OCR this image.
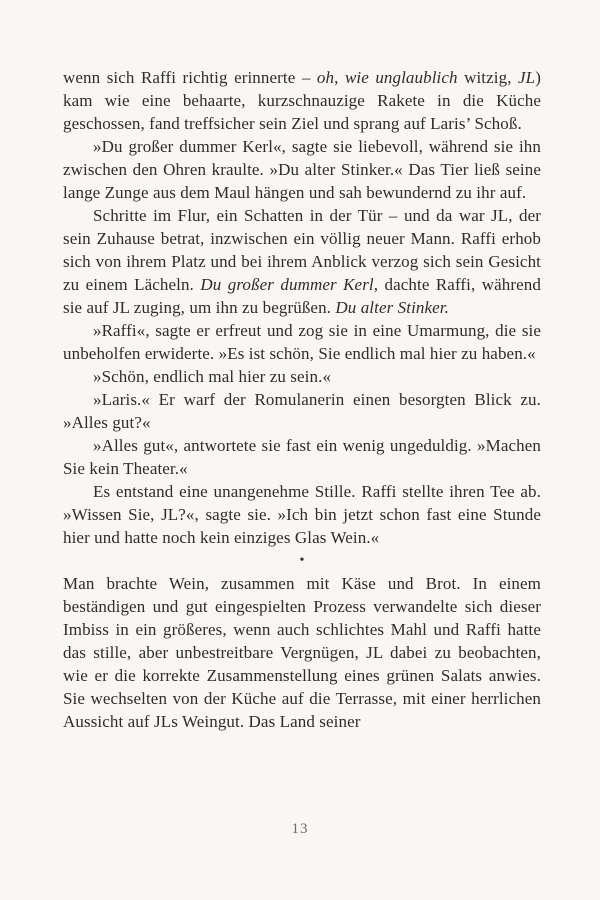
wenn sich Raffi richtig erinnerte – oh, wie unglaublich witzig, JL) kam wie eine behaarte, kurzschnauzige Rakete in die Küche geschossen, fand treffsicher sein Ziel und sprang auf Laris’ Schoß.

»Du großer dummer Kerl«, sagte sie liebevoll, während sie ihn zwischen den Ohren kraulte. »Du alter Stinker.« Das Tier ließ seine lange Zunge aus dem Maul hängen und sah bewundernd zu ihr auf.

Schritte im Flur, ein Schatten in der Tür – und da war JL, der sein Zuhause betrat, inzwischen ein völlig neuer Mann. Raffi erhob sich von ihrem Platz und bei ihrem Anblick verzog sich sein Gesicht zu einem Lächeln. Du großer dummer Kerl, dachte Raffi, während sie auf JL zuging, um ihn zu begrüßen. Du alter Stinker.

»Raffi«, sagte er erfreut und zog sie in eine Umarmung, die sie unbeholfen erwiderte. »Es ist schön, Sie endlich mal hier zu haben.«

»Schön, endlich mal hier zu sein.«

»Laris.« Er warf der Romulanerin einen besorgten Blick zu. »Alles gut?«

»Alles gut«, antwortete sie fast ein wenig ungeduldig. »Machen Sie kein Theater.«

Es entstand eine unangenehme Stille. Raffi stellte ihren Tee ab. »Wissen Sie, JL?«, sagte sie. »Ich bin jetzt schon fast eine Stunde hier und hatte noch kein einziges Glas Wein.«

•

Man brachte Wein, zusammen mit Käse und Brot. In einem beständigen und gut eingespielten Prozess verwandelte sich dieser Imbiss in ein größeres, wenn auch schlichtes Mahl und Raffi hatte das stille, aber unbestreitbare Vergnügen, JL dabei zu beobachten, wie er die korrekte Zusammenstellung eines grünen Salats anwies. Sie wechselten von der Küche auf die Terrasse, mit einer herrlichen Aussicht auf JLs Weingut. Das Land seiner

13
